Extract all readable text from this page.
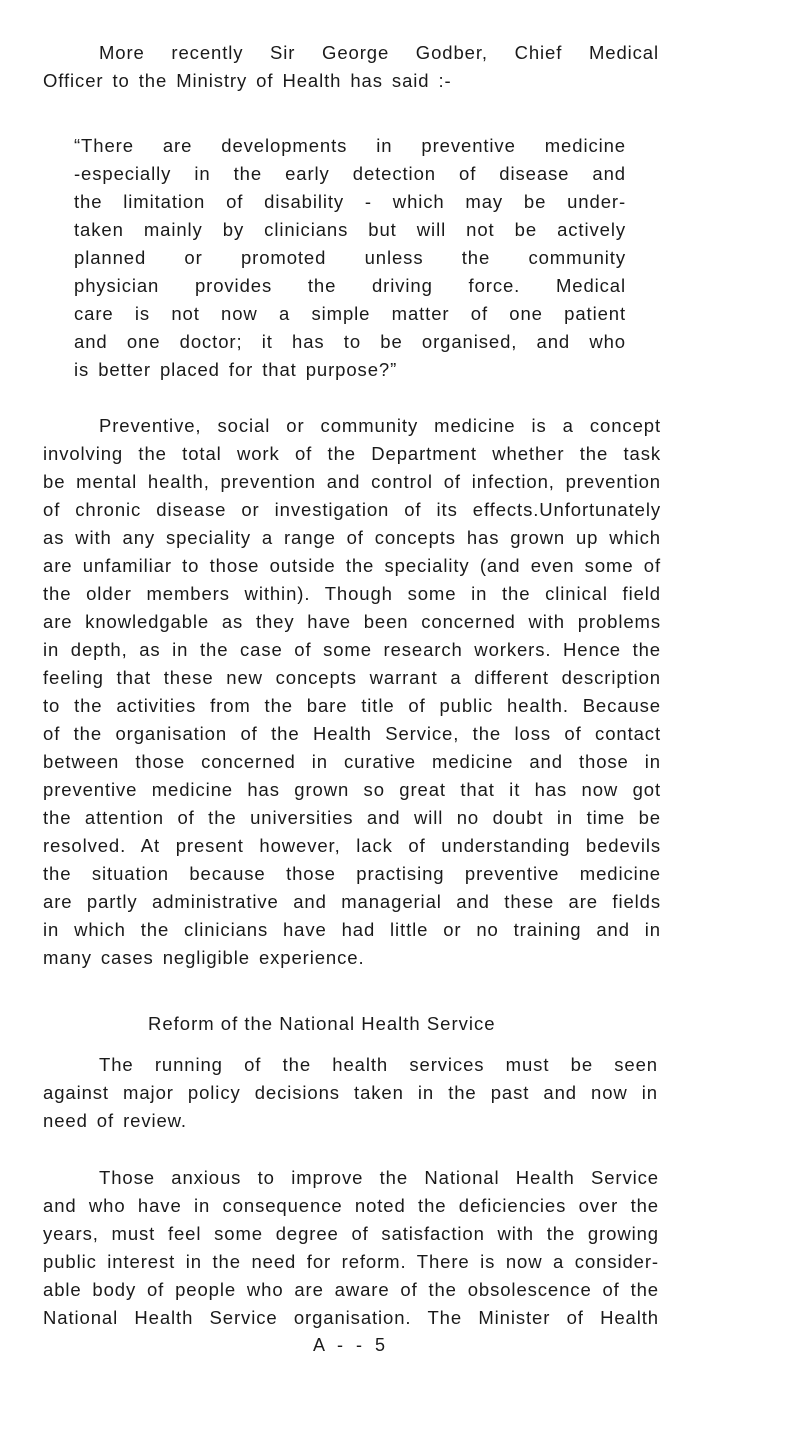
More recently Sir George Godber, Chief Medical
Officer to the Ministry of Health has said :-
“There are developments in preventive medicine
-especially in the early detection of disease and
the limitation of disability - which may be under-
taken mainly by clinicians but will not be actively
planned or promoted unless the community
physician provides the driving force. Medical
care is not now a simple matter of one patient
and one doctor; it has to be organised, and who
is better placed for that purpose?”
Preventive, social or community medicine is a concept
involving the total work of the Department whether the task
be mental health, prevention and control of infection, prevention
of chronic disease or investigation of its effects.Unfortunately
as with any speciality a range of concepts has grown up which
are unfamiliar to those outside the speciality (and even some of
the older members within). Though some in the clinical field
are knowledgable as they have been concerned with problems
in depth, as in the case of some research workers. Hence the
feeling that these new concepts warrant a different description
to the activities from the bare title of public health. Because
of the organisation of the Health Service, the loss of contact
between those concerned in curative medicine and those in
preventive medicine has grown so great that it has now got
the attention of the universities and will no doubt in time be
resolved. At present however, lack of understanding bedevils
the situation because those practising preventive medicine
are partly administrative and managerial and these are fields
in which the clinicians have had little or no training and in
many cases negligible experience.
Reform of the National Health Service
The running of the health services must be seen
against major policy decisions taken in the past and now in
need of review.
Those anxious to improve the National Health Service
and who have in consequence noted the deficiencies over the
years, must feel some degree of satisfaction with the growing
public interest in the need for reform. There is now a consider-
able body of people who are aware of the obsolescence of the
National Health Service organisation. The Minister of Health
A - - 5
